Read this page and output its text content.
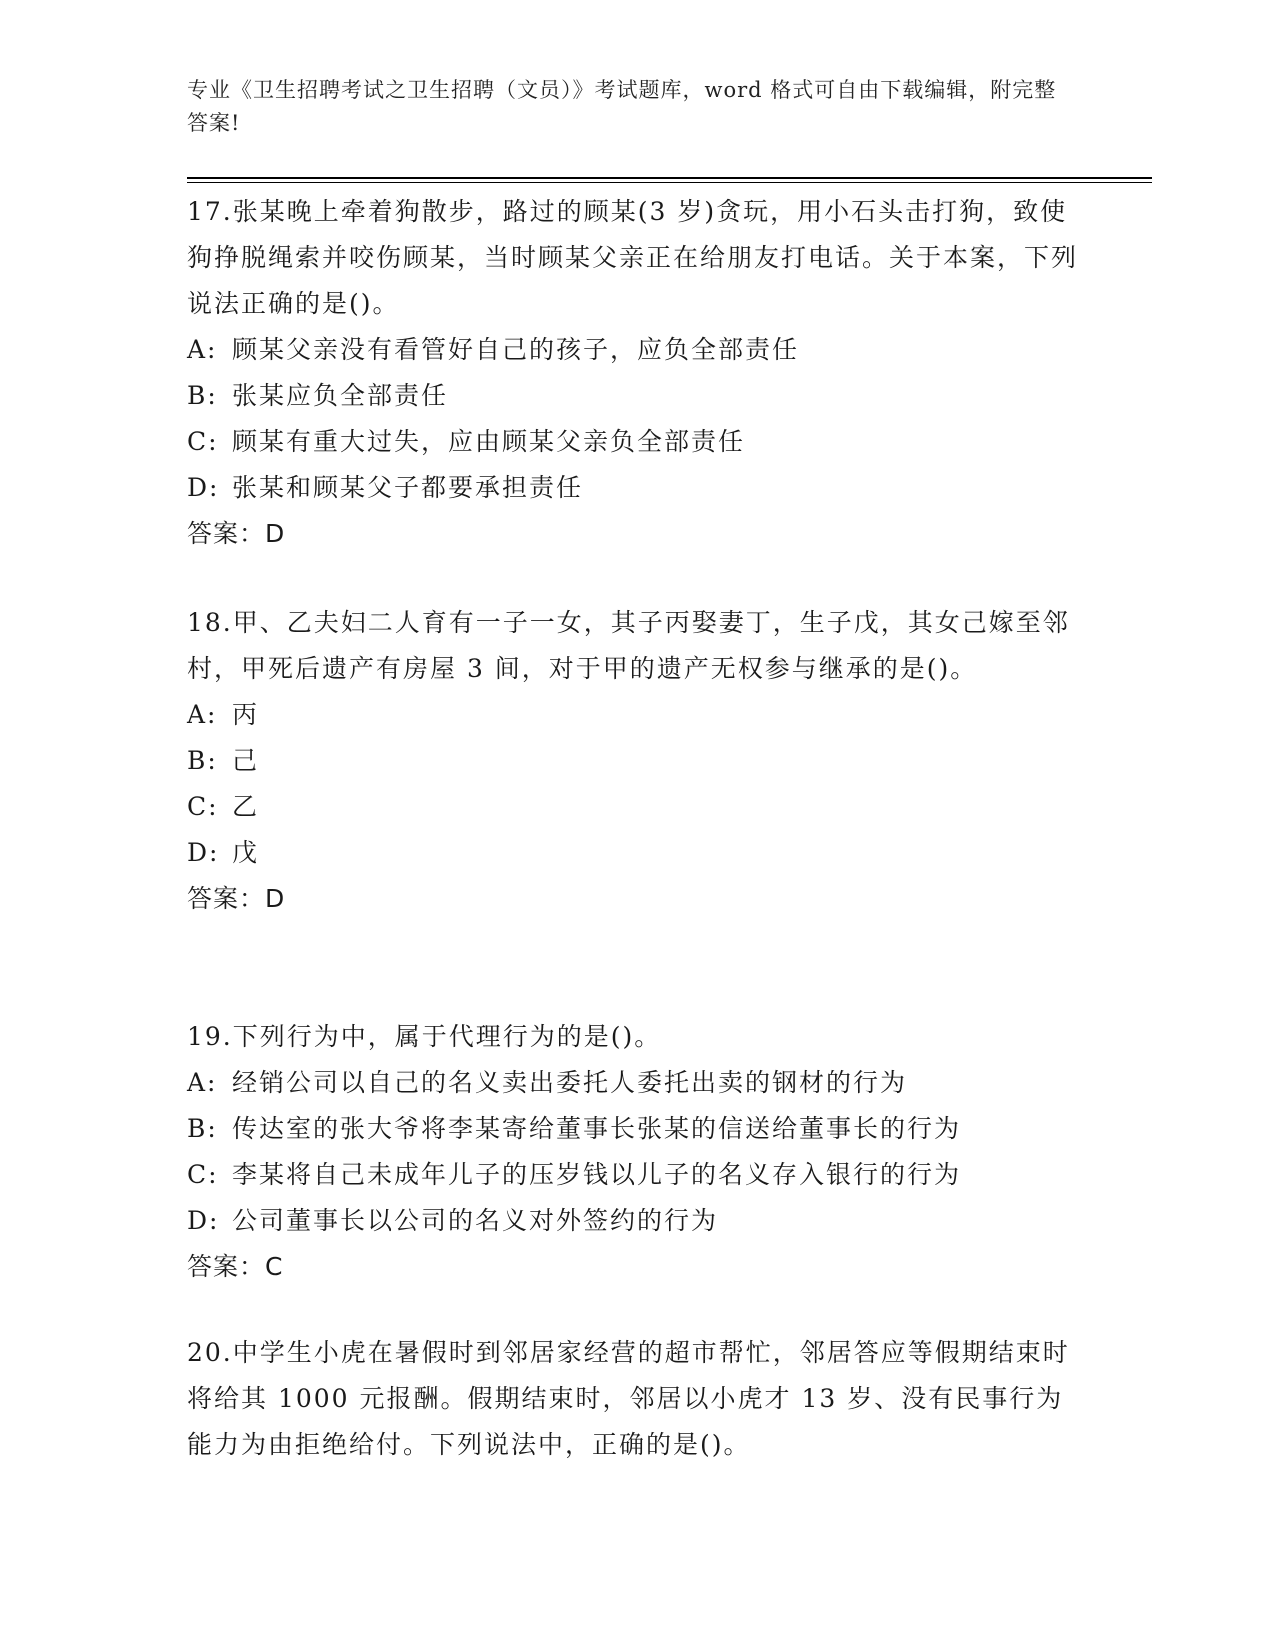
专业《卫生招聘考试之卫生招聘（文员）》考试题库，word 格式可自由下载编辑，附完整答案!

17.张某晚上牵着狗散步，路过的顾某(3 岁)贪玩，用小石头击打狗，致使狗挣脱绳索并咬伤顾某，当时顾某父亲正在给朋友打电话。关于本案，下列说法正确的是()。

A: 顾某父亲没有看管好自己的孩子，应负全部责任

B: 张某应负全部责任

C: 顾某有重大过失，应由顾某父亲负全部责任

D: 张某和顾某父子都要承担责任

答案：D

18.甲、乙夫妇二人育有一子一女，其子丙娶妻丁，生子戊，其女己嫁至邻村，甲死后遗产有房屋 3 间，对于甲的遗产无权参与继承的是()。

A: 丙

B: 己

C: 乙

D: 戊

答案：D

19.下列行为中，属于代理行为的是()。

A: 经销公司以自己的名义卖出委托人委托出卖的钢材的行为

B: 传达室的张大爷将李某寄给董事长张某的信送给董事长的行为

C: 李某将自己未成年儿子的压岁钱以儿子的名义存入银行的行为

D: 公司董事长以公司的名义对外签约的行为

答案：C

20.中学生小虎在暑假时到邻居家经营的超市帮忙，邻居答应等假期结束时将给其 1000 元报酬。假期结束时，邻居以小虎才 13 岁、没有民事行为能力为由拒绝给付。下列说法中，正确的是()。
